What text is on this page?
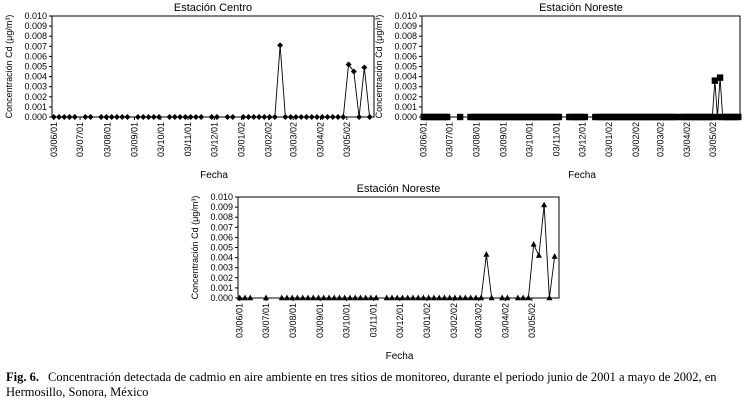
Estación Centro
0.000
0.001
0.002
0.003
0.004
0.005
0.006
0.007
0.008
0.009
0.010
03/06/01 03/07/01 03/08/01 03/09/01 03/10/01 03/11/01 03/12/01 03/01/02 03/02/02 03/03/02 03/04/02 03/05/02
Fecha
Concentración Cd (μg/m³)
Estación Noreste
0.000
0.001
0.002
0.003
0.004
0.005
0.006
0.007
0.008
0.009
0.010
03/06/01 03/07/01 03/08/01 03/09/01 03/10/01 03/11/01 03/12/01 03/01/02 03/02/02 03/03/02 03/04/02 03/05/02
Fecha
Concentración Cd (μg/m³)
Estación Noreste
0.000
0.001
0.002
0.003
0.004
0.005
0.006
0.007
0.008
0.009
0.010
03/06/01 03/07/01 03/08/01 03/09/01 03/10/01 03/11/01 03/12/01 03/01/02 03/02/02 03/03/02 03/04/02 03/05/02
Fecha
Concentración Cd (μg/m³)
Fig. 6. Concentración detectada de cadmio en aire ambiente en tres sitios de monitoreo, durante el periodo junio de 2001 a mayo de 2002, en Hermosillo, Sonora, México
